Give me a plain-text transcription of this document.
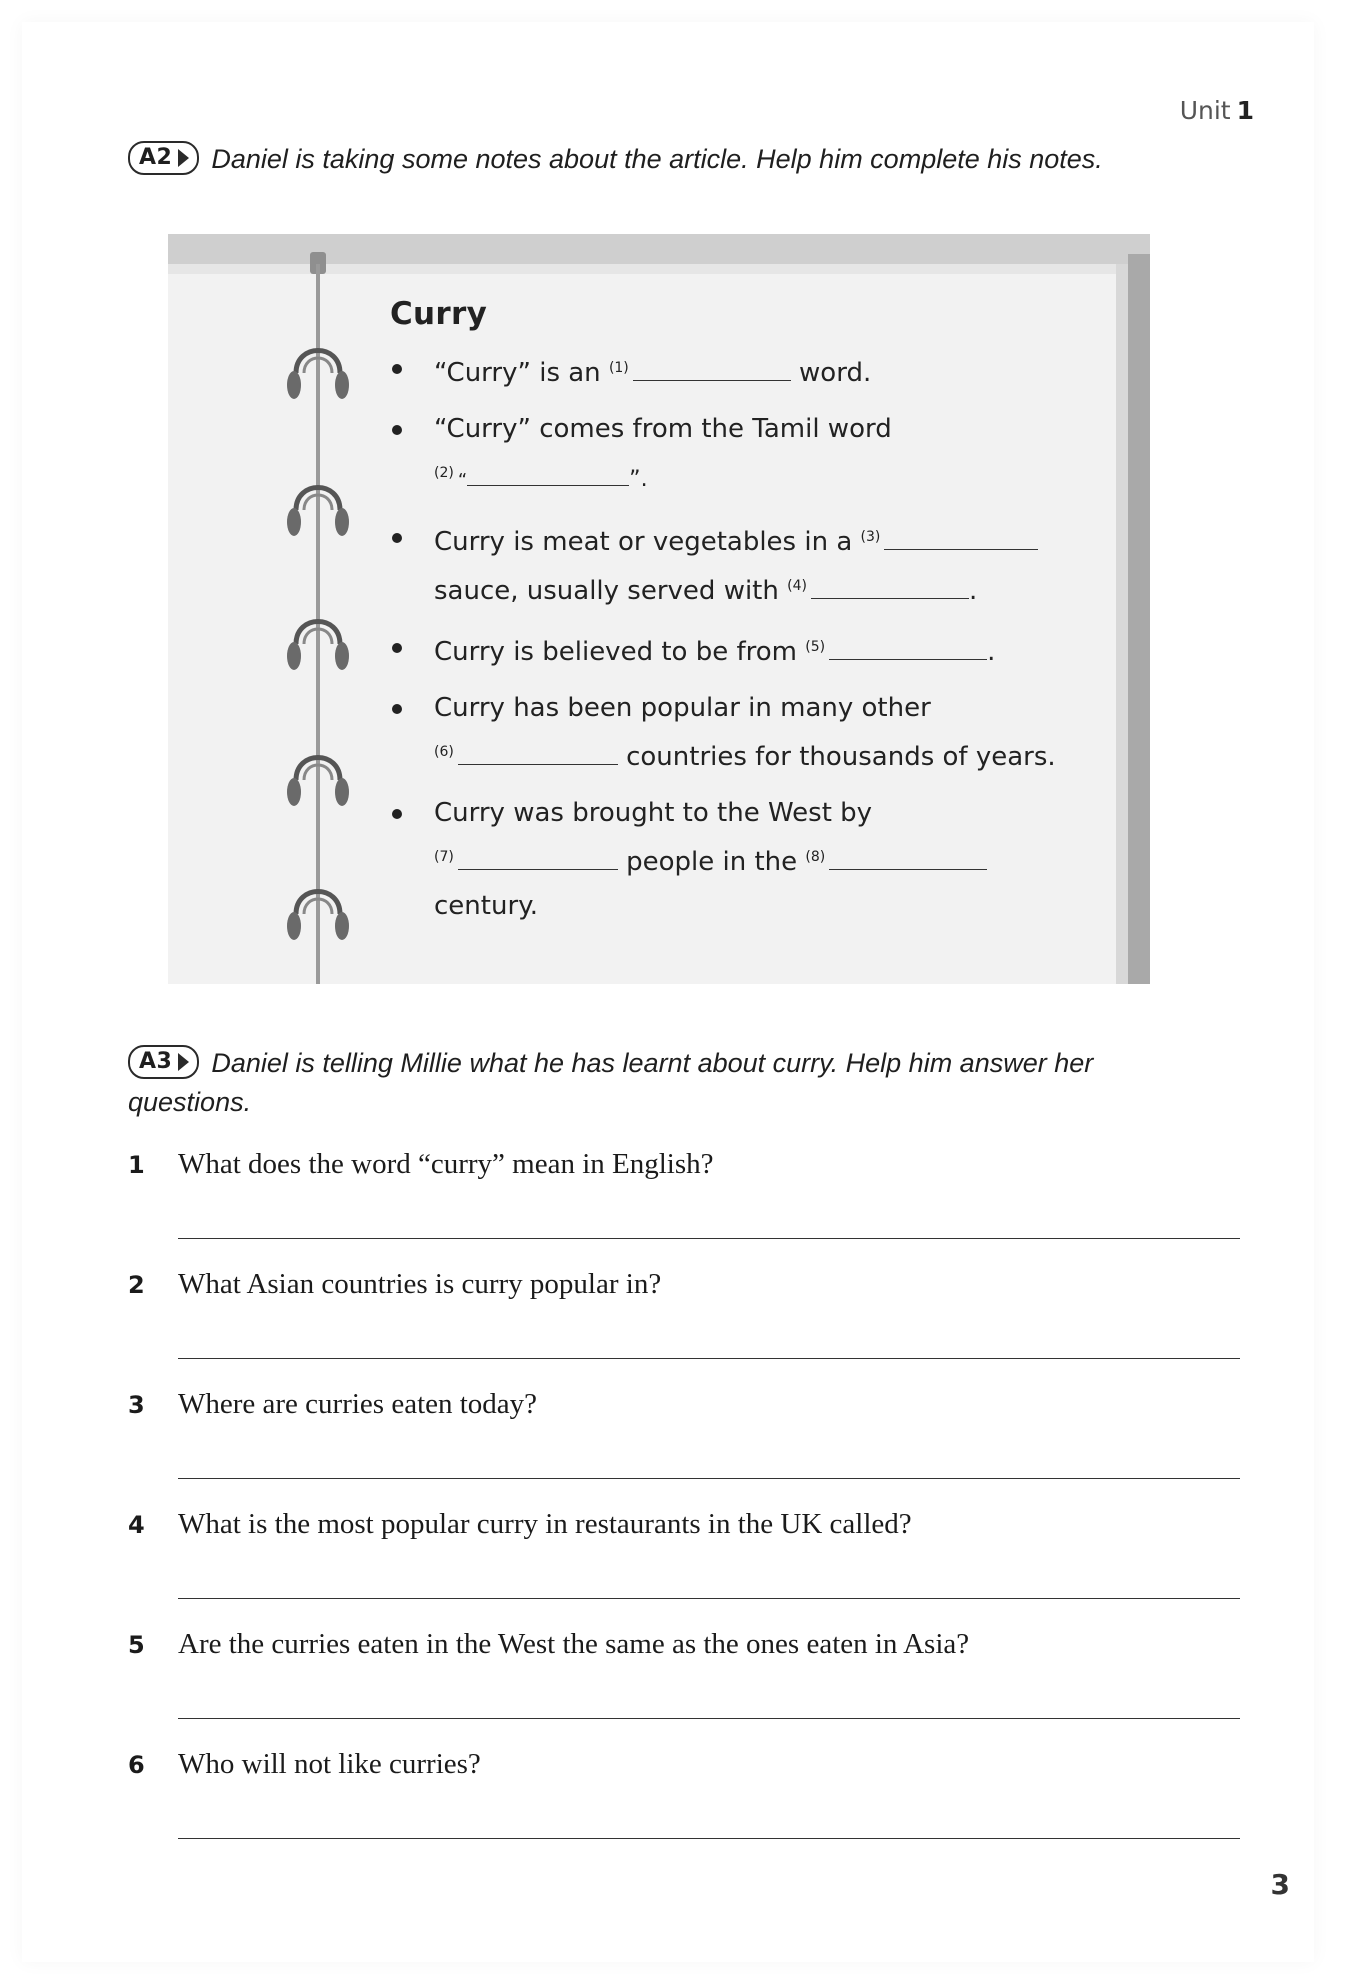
Unit 1
A2 Daniel is taking some notes about the article. Help him complete his notes.
Curry
“Curry” is an $^{(1)}$	word.
“Curry” comes from the Tamil word
$^{(2)}$ “	”.
Curry is meat or vegetables in a $^{(3)}$
sauce, usually served with $^{(4)}$	.
Curry is believed to be from $^{(5)}$	.
Curry has been popular in many other
$^{(6)}$	countries for thousands of years.
Curry was brought to the West by
$^{(7)}$	people in the $^{(8)}$
century.
A3 Daniel is telling Millie what he has learnt about curry. Help him answer her
questions.
1 What does the word “curry” mean in English?
2 What Asian countries is curry popular in?
3 Where are curries eaten today?
4 What is the most popular curry in restaurants in the UK called?
5 Are the curries eaten in the West the same as the ones eaten in Asia?
6 Who will not like curries?
3
